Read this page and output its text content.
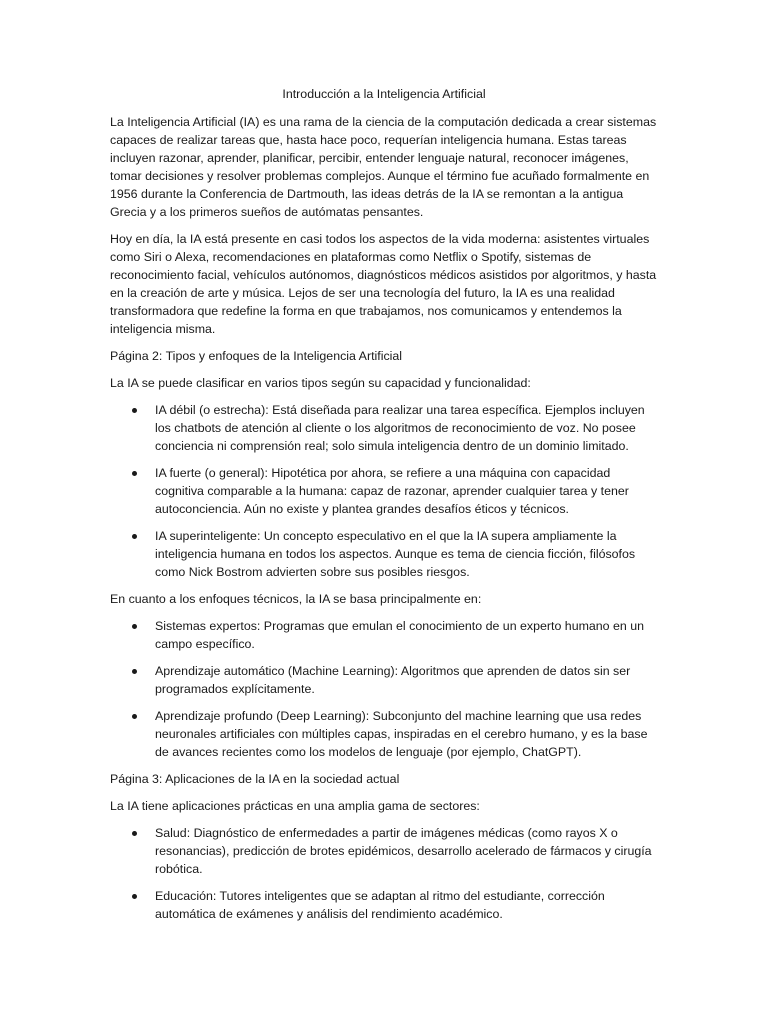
Introducción a la Inteligencia Artificial

La Inteligencia Artificial (IA) es una rama de la ciencia de la computación dedicada a crear sistemas capaces de realizar tareas que, hasta hace poco, requerían inteligencia humana. Estas tareas incluyen razonar, aprender, planificar, percibir, entender lenguaje natural, reconocer imágenes, tomar decisiones y resolver problemas complejos. Aunque el término fue acuñado formalmente en 1956 durante la Conferencia de Dartmouth, las ideas detrás de la IA se remontan a la antigua Grecia y a los primeros sueños de autómatas pensantes.

Hoy en día, la IA está presente en casi todos los aspectos de la vida moderna: asistentes virtuales como Siri o Alexa, recomendaciones en plataformas como Netflix o Spotify, sistemas de reconocimiento facial, vehículos autónomos, diagnósticos médicos asistidos por algoritmos, y hasta en la creación de arte y música. Lejos de ser una tecnología del futuro, la IA es una realidad transformadora que redefine la forma en que trabajamos, nos comunicamos y entendemos la inteligencia misma.

Página 2: Tipos y enfoques de la Inteligencia Artificial

La IA se puede clasificar en varios tipos según su capacidad y funcionalidad:

IA débil (o estrecha): Está diseñada para realizar una tarea específica. Ejemplos incluyen los chatbots de atención al cliente o los algoritmos de reconocimiento de voz. No posee conciencia ni comprensión real; solo simula inteligencia dentro de un dominio limitado.
IA fuerte (o general): Hipotética por ahora, se refiere a una máquina con capacidad cognitiva comparable a la humana: capaz de razonar, aprender cualquier tarea y tener autoconciencia. Aún no existe y plantea grandes desafíos éticos y técnicos.
IA superinteligente: Un concepto especulativo en el que la IA supera ampliamente la inteligencia humana en todos los aspectos. Aunque es tema de ciencia ficción, filósofos como Nick Bostrom advierten sobre sus posibles riesgos.

En cuanto a los enfoques técnicos, la IA se basa principalmente en:

Sistemas expertos: Programas que emulan el conocimiento de un experto humano en un campo específico.
Aprendizaje automático (Machine Learning): Algoritmos que aprenden de datos sin ser programados explícitamente.
Aprendizaje profundo (Deep Learning): Subconjunto del machine learning que usa redes neuronales artificiales con múltiples capas, inspiradas en el cerebro humano, y es la base de avances recientes como los modelos de lenguaje (por ejemplo, ChatGPT).
Página 3: Aplicaciones de la IA en la sociedad actual

La IA tiene aplicaciones prácticas en una amplia gama de sectores:

Salud: Diagnóstico de enfermedades a partir de imágenes médicas (como rayos X o resonancias), predicción de brotes epidémicos, desarrollo acelerado de fármacos y cirugía robótica.
Educación: Tutores inteligentes que se adaptan al ritmo del estudiante, corrección automática de exámenes y análisis del rendimiento académico.
